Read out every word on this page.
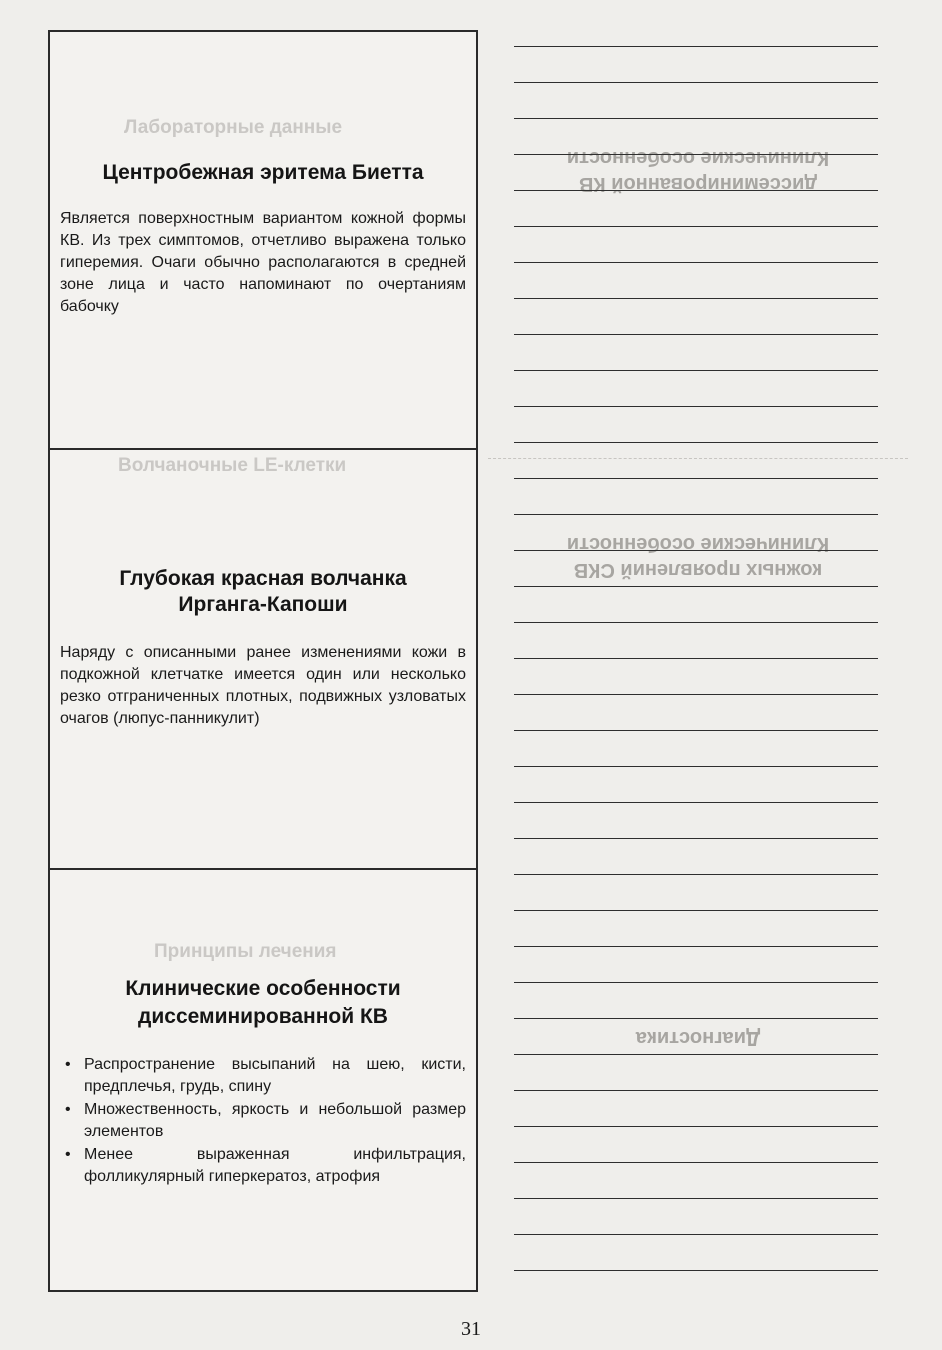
Лабораторные данные
Волчаночные LE-клетки
Принципы лечения
Центробежная эритема Биетта

Является поверхностным вариантом кожной формы КВ. Из трех симптомов, отчетливо выражена только гиперемия. Очаги обычно располагаются в средней зоне лица и часто напоминают по очертаниям бабочку

Глубокая красная волчанка
Ирганга-Капоши

Наряду с описанными ранее изменениями кожи в подкожной клетчатке имеется один или несколько резко отграниченных плотных, подвижных узловатых очагов (люпус-панникулит)

Клинические особенности
диссеминированной КВ
• Распространение высыпаний на шею, кисти, предплечья, грудь, спину
• Множественность, яркость и небольшой размер элементов
• Менее выраженная инфильтрация, фолликулярный гиперкератоз, атрофия
Клинические особенности
диссеминированной КВ
Клинические особенности
кожных проявлений СКВ
Диагностика
31
